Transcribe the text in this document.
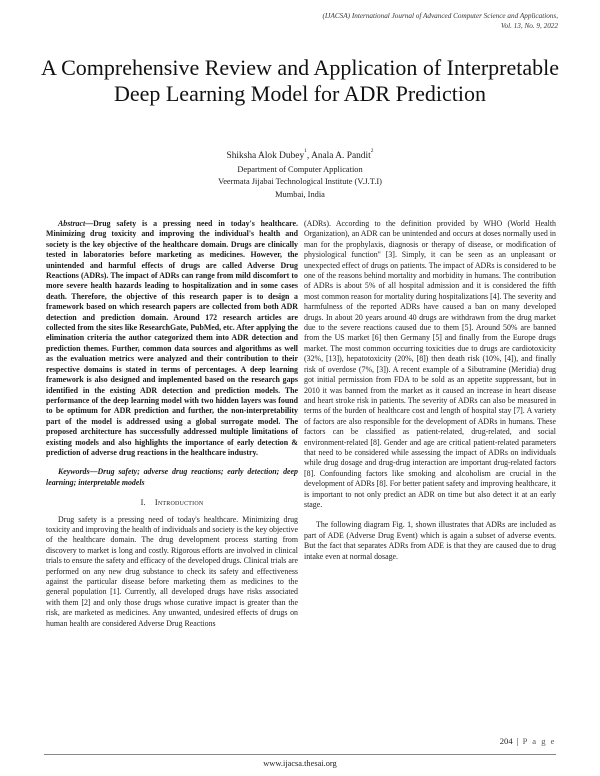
(IJACSA) International Journal of Advanced Computer Science and Applications,
Vol. 13, No. 9, 2022
A Comprehensive Review and Application of Interpretable Deep Learning Model for ADR Prediction
Shiksha Alok Dubey$^1$, Anala A. Pandit$^2$
Department of Computer Application
Veermata Jijabai Technological Institute (V.J.T.I)
Mumbai, India

Abstract—Drug safety is a pressing need in today's healthcare. Minimizing drug toxicity and improving the individual's health and society is the key objective of the healthcare domain. Drugs are clinically tested in laboratories before marketing as medicines. However, the unintended and harmful effects of drugs are called Adverse Drug Reactions (ADRs). The impact of ADRs can range from mild discomfort to more severe health hazards leading to hospitalization and in some cases death. Therefore, the objective of this research paper is to design a framework based on which research papers are collected from both ADR detection and prediction domain. Around 172 research articles are collected from the sites like ResearchGate, PubMed, etc. After applying the elimination criteria the author categorized them into ADR detection and prediction themes. Further, common data sources and algorithms as well as the evaluation metrics were analyzed and their contribution to their respective domains is stated in terms of percentages. A deep learning framework is also designed and implemented based on the research gaps identified in the existing ADR detection and prediction models. The performance of the deep learning model with two hidden layers was found to be optimum for ADR prediction and further, the non-interpretability part of the model is addressed using a global surrogate model. The proposed architecture has successfully addressed multiple limitations of existing models and also highlights the importance of early detection & prediction of adverse drug reactions in the healthcare industry.

Keywords—Drug safety; adverse drug reactions; early detection; deep learning; interpretable models

I. Introduction

Drug safety is a pressing need of today's healthcare. Minimizing drug toxicity and improving the health of individuals and society is the key objective of the healthcare domain. The drug development process starting from discovery to market is long and costly. Rigorous efforts are involved in clinical trials to ensure the safety and efficacy of the developed drugs. Clinical trials are performed on any new drug substance to check its safety and effectiveness against the particular disease before marketing them as medicines to the general population [1]. Currently, all developed drugs have risks associated with them [2] and only those drugs whose curative impact is greater than the risk, are marketed as medicines. Any unwanted, undesired effects of drugs on human health are considered Adverse Drug Reactions

(ADRs). According to the definition provided by WHO (World Health Organization), an ADR can be unintended and occurs at doses normally used in man for the prophylaxis, diagnosis or therapy of disease, or modification of physiological function" [3]. Simply, it can be seen as an unpleasant or unexpected effect of drugs on patients. The impact of ADRs is considered to be one of the reasons behind mortality and morbidity in humans. The contribution of ADRs is about 5% of all hospital admission and it is considered the fifth most common reason for mortality during hospitalizations [4]. The severity and harmfulness of the reported ADRs have caused a ban on many developed drugs. In about 20 years around 40 drugs are withdrawn from the drug market due to the severe reactions caused due to them [5]. Around 50% are banned from the US market [6] then Germany [5] and finally from the Europe drugs market. The most common occurring toxicities due to drugs are cardiotoxicity (32%, [13]), hepatotoxicity (20%, [8]) then death risk (10%, [4]), and finally risk of overdose (7%, [3]). A recent example of a Sibutramine (Meridia) drug got initial permission from FDA to be sold as an appetite suppressant, but in 2010 it was banned from the market as it caused an increase in heart disease and heart stroke risk in patients. The severity of ADRs can also be measured in terms of the burden of healthcare cost and length of hospital stay [7]. A variety of factors are also responsible for the development of ADRs in humans. These factors can be classified as patient-related, drug-related, and social environment-related [8]. Gender and age are critical patient-related parameters that need to be considered while assessing the impact of ADRs on individuals while drug dosage and drug-drug interaction are important drug-related factors [8]. Confounding factors like smoking and alcoholism are crucial in the development of ADRs [8]. For better patient safety and improving healthcare, it is important to not only predict an ADR on time but also detect it at an early stage.

The following diagram Fig. 1, shown illustrates that ADRs are included as part of ADE (Adverse Drug Event) which is again a subset of adverse events. But the fact that separates ADRs from ADE is that they are caused due to drug intake even at normal dosage.

204 | P a g e
www.ijacsa.thesai.org
